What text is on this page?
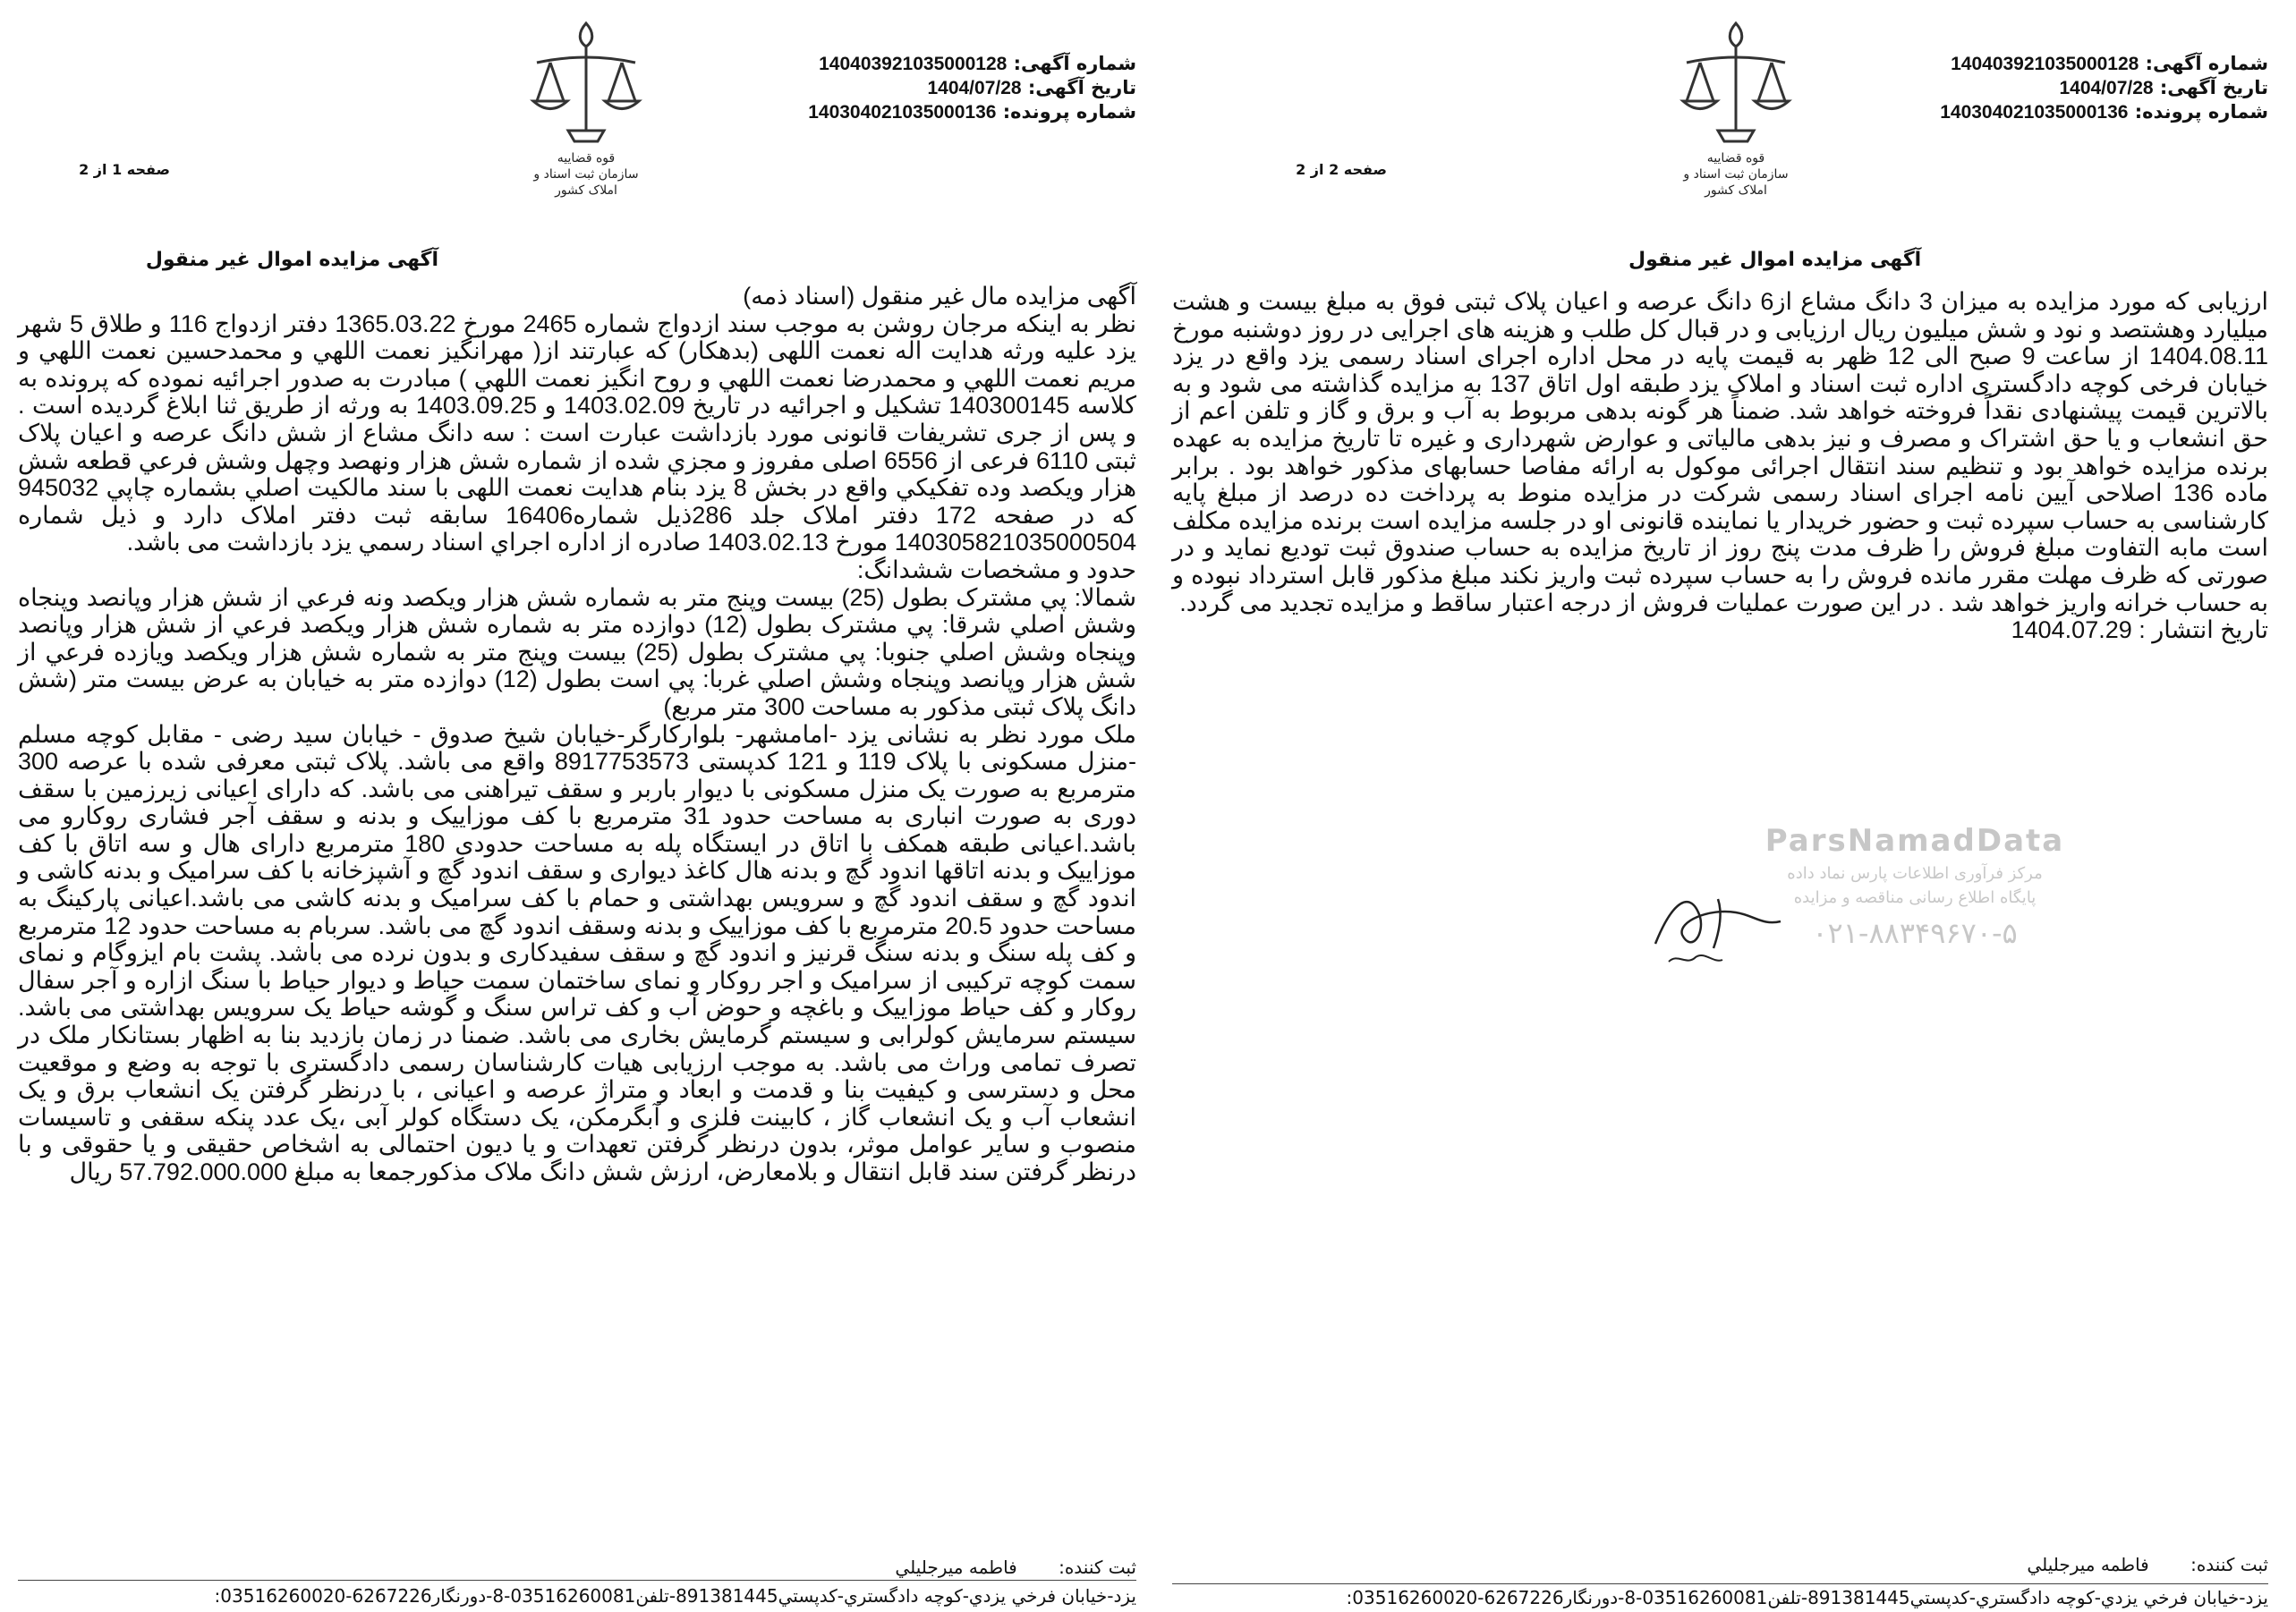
شماره آگهی: 140403921035000128
تاریخ آگهی: 1404/07/28
شماره پرونده: 140304021035000136
قوه قضاییه
سازمان ثبت اسناد و املاک کشور
صفحه 1 از 2
آگهی مزایده اموال غیر منقول

آگهی مزایده مال غیر منقول (اسناد ذمه)

نظر به اینکه مرجان روشن به موجب سند ازدواج شماره 2465 مورخ 1365.03.22 دفتر ازدواج 116 و طلاق 5 شهر یزد علیه ورثه هدایت اله نعمت اللهی (بدهکار) که عبارتند از( مهرانگیز نعمت اللهي و محمدحسين نعمت اللهي و مريم نعمت اللهي و محمدرضا نعمت اللهي و روح انگيز نعمت اللهي ) مبادرت به صدور اجرائیه نموده که پرونده به کلاسه 140300145 تشکیل و اجرائیه در تاریخ 1403.02.09 و 1403.09.25 به ورثه از طریق ثنا ابلاغ گردیده است . و پس از جری تشریفات قانونی مورد بازداشت عبارت است : سه دانگ مشاع از شش دانگ عرصه و اعیان پلاک ثبتی 6110 فرعی از 6556 اصلی مفروز و مجزي شده از شماره شش هزار ونهصد وچهل وشش فرعي قطعه شش هزار ویکصد وده تفکیکي واقع در بخش 8 یزد بنام هدایت نعمت اللهی با سند مالکيت اصلي بشماره چاپي 945032 که در صفحه 172 دفتر املاک جلد 286ذیل شماره16406 سابقه ثبت دفتر املاک دارد و ذیل شماره 140305821035000504 مورخ 1403.02.13 صادره از اداره اجراي اسناد رسمي یزد بازداشت می باشد.

حدود و مشخصات ششدانگ:

شمالا: پي مشترک بطول (25) بیست وپنج متر به شماره شش هزار ویکصد ونه فرعي از شش هزار وپانصد وپنجاه وشش اصلي شرقا: پي مشترک بطول (12) دوازده متر به شماره شش هزار ویکصد فرعي از شش هزار وپانصد وپنجاه وشش اصلي جنوبا: پي مشترک بطول (25) بیست وپنج متر به شماره شش هزار ویکصد ویازده فرعي از شش هزار وپانصد وپنجاه وشش اصلي غربا: پي است بطول (12) دوازده متر به خیابان به عرض بیست متر (شش دانگ پلاک ثبتی مذکور به مساحت 300 متر مربع)

ملک مورد نظر به نشانی یزد -امامشهر- بلوارکارگر-خیابان شیخ صدوق - خیابان سید رضی - مقابل کوچه مسلم -منزل مسکونی با پلاک 119 و 121 کدپستی 8917753573 واقع می باشد. پلاک ثبتی معرفی شده با عرصه 300 مترمربع به صورت یک منزل مسکونی با دیوار باربر و سقف تیراهنی می باشد. که دارای اعیانی زیرزمین با سقف دوری به صورت انباری به مساحت حدود 31 مترمربع با کف موزاییک و بدنه و سقف آجر فشاری روکارو می باشد.اعیانی طبقه همکف با اتاق در ایستگاه پله به مساحت حدودی 180 مترمربع دارای هال و سه اتاق با کف موزاییک و بدنه اتاقها اندود گچ و بدنه هال کاغذ دیواری و سقف اندود گچ و آشپزخانه با کف سرامیک و بدنه کاشی و اندود گچ و سقف اندود گچ و سرویس بهداشتی و حمام با کف سرامیک و بدنه کاشی می باشد.اعیانی پارکینگ به مساحت حدود 20.5 مترمربع با کف موزاییک و بدنه وسقف اندود گچ می باشد. سربام به مساحت حدود 12 مترمربع و کف پله سنگ و بدنه سنگ قرنیز و اندود گچ و سقف سفیدکاری و بدون نرده می باشد. پشت بام ایزوگام و نمای سمت کوچه ترکیبی از سرامیک و اجر روکار و نمای ساختمان سمت حیاط و دیوار حیاط با سنگ ازاره و آجر سفال روکار و کف حیاط موزاییک و باغچه و حوض آب و کف تراس سنگ و گوشه حیاط یک سرویس بهداشتی می باشد. سیستم سرمایش کولرابی و سیستم گرمایش بخاری می باشد. ضمنا در زمان بازدید بنا به اظهار بستانکار ملک در تصرف تمامی وراث می باشد. به موجب ارزیابی هیات کارشناسان رسمی دادگستری با توجه به وضع و موقعیت محل و دسترسی و کیفیت بنا و قدمت و ابعاد و متراژ عرصه و اعیانی ، با درنظر گرفتن یک انشعاب برق و یک انشعاب آب و یک انشعاب گاز ، کابینت فلزی و آبگرمکن، یک دستگاه کولر آبی ،یک عدد پنکه سقفی و تاسیسات منصوب و سایر عوامل موثر، بدون درنظر گرفتن تعهدات و یا دیون احتمالی به اشخاص حقیقی و یا حقوقی و با درنظر گرفتن سند قابل انتقال و بلامعارض، ارزش شش دانگ ملاک مذکورجمعا به مبلغ 57.792.000.000 ریال

ثبت کننده: فاطمه میرجلیلي
یزد-خیابان فرخي یزدي-کوچه دادگستري-کدپستي891381445-تلفن03516260081-8-دورنگار6267226-03516260020:
شماره آگهی: 140403921035000128
تاریخ آگهی: 1404/07/28
شماره پرونده: 140304021035000136
قوه قضاییه
سازمان ثبت اسناد و املاک کشور
صفحه 2 از 2
آگهی مزایده اموال غیر منقول

ارزیابی که مورد مزایده به میزان 3 دانگ مشاع از6 دانگ عرصه و اعیان پلاک ثبتی فوق به مبلغ بیست و هشت میلیارد وهشتصد و نود و شش میلیون ریال ارزیابی و در قبال کل طلب و هزینه های اجرایی در روز دوشنبه مورخ 1404.08.11 از ساعت 9 صبح الی 12 ظهر به قیمت پایه در محل اداره اجرای اسناد رسمی یزد واقع در یزد خیابان فرخی کوچه دادگستری اداره ثبت اسناد و املاک یزد طبقه اول اتاق 137 به مزایده گذاشته می شود و به بالاترین قیمت پیشنهادی نقداً فروخته خواهد شد. ضمناً هر گونه بدهی مربوط به آب و برق و گاز و تلفن اعم از حق انشعاب و یا حق اشتراک و مصرف و نیز بدهی مالیاتی و عوارض شهرداری و غیره تا تاریخ مزایده به عهده برنده مزایده خواهد بود و تنظیم سند انتقال اجرائی موکول به ارائه مفاصا حسابهای مذکور خواهد بود . برابر ماده 136 اصلاحی آیین نامه اجرای اسناد رسمی شرکت در مزایده منوط به پرداخت ده درصد از مبلغ پایه کارشناسی به حساب سپرده ثبت و حضور خریدار یا نماینده قانونی او در جلسه مزایده است برنده مزایده مکلف است مابه التفاوت مبلغ فروش را ظرف مدت پنج روز از تاریخ مزایده به حساب صندوق ثبت تودیع نماید و در صورتی که ظرف مهلت مقرر مانده فروش را به حساب سپرده ثبت واریز نکند مبلغ مذکور قابل استرداد نبوده و به حساب خرانه واریز خواهد شد . در این صورت عملیات فروش از درجه اعتبار ساقط و مزایده تجدید می گردد.

تاریخ انتشار : 1404.07.29

ParsNamadData
مرکز فرآوری اطلاعات پارس نماد داده
پایگاه اطلاع رسانی مناقصه و مزایده
۰۲۱-۸۸۳۴۹۶۷۰-۵
ثبت کننده: فاطمه میرجلیلي
یزد-خیابان فرخي یزدي-کوچه دادگستري-کدپستي891381445-تلفن03516260081-8-دورنگار6267226-03516260020:
